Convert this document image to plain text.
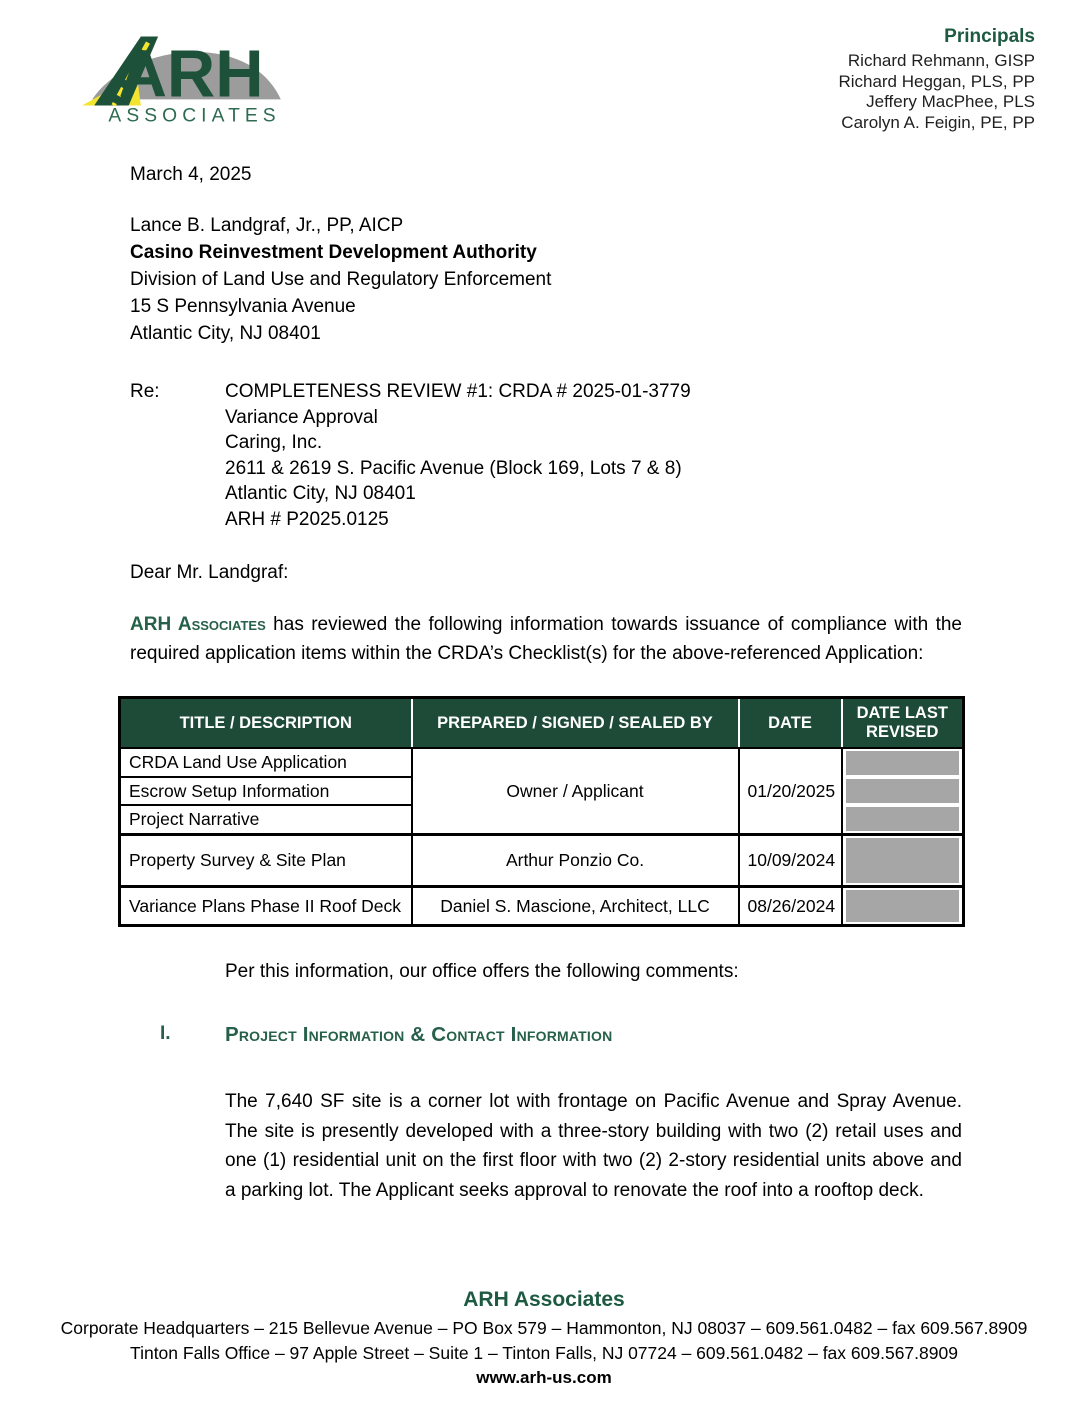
ARH
ASSOCIATES
Principals
Richard Rehmann, GISP
Richard Heggan, PLS, PP
Jeffery MacPhee, PLS
Carolyn A. Feigin, PE, PP
March 4, 2025
Lance B. Landgraf, Jr., PP, AICP
Casino Reinvestment Development Authority
Division of Land Use and Regulatory Enforcement
15 S Pennsylvania Avenue
Atlantic City, NJ 08401
Re:	COMPLETENESS REVIEW #1: CRDA # 2025-01-3779
Variance Approval
Caring, Inc.
2611 & 2619 S. Pacific Avenue (Block 169, Lots 7 & 8)
Atlantic City, NJ 08401
ARH # P2025.0125
Dear Mr. Landgraf:

ARH Associates has reviewed the following information towards issuance of compliance with the required application items within the CRDA’s Checklist(s) for the above-referenced Application:

TITLE / DESCRIPTION	PREPARED / SIGNED / SEALED BY	DATE	DATE LAST REVISED
CRDA Land Use Application	Owner / Applicant	01/20/2025	

Escrow Setup Information			

Project Narrative			

Property Survey & Site Plan	Arthur Ponzio Co.	10/09/2024	

Variance Plans Phase II Roof Deck	Daniel S. Mascione, Architect, LLC	08/26/2024	
Per this information, our office offers the following comments:
I.	Project Information & Contact Information

The 7,640 SF site is a corner lot with frontage on Pacific Avenue and Spray Avenue. The site is presently developed with a three-story building with two (2) retail uses and one (1) residential unit on the first floor with two (2) 2-story residential units above and a parking lot. The Applicant seeks approval to renovate the roof into a rooftop deck.

ARH Associates
Corporate Headquarters – 215 Bellevue Avenue – PO Box 579 – Hammonton, NJ 08037 – 609.561.0482 – fax 609.567.8909
Tinton Falls Office – 97 Apple Street – Suite 1 – Tinton Falls, NJ 07724 – 609.561.0482 – fax 609.567.8909
www.arh-us.com
